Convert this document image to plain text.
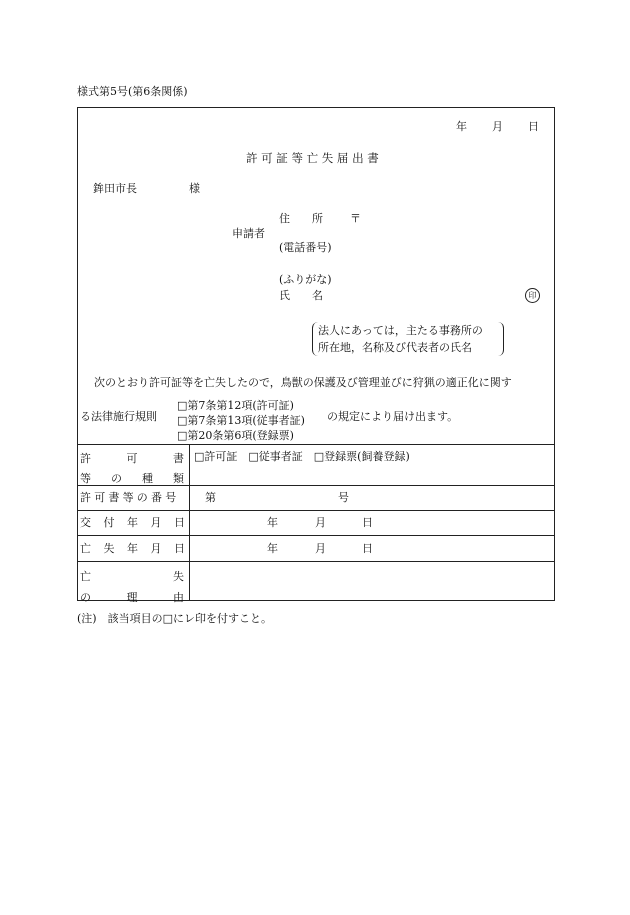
様式第5号(第6条関係)
年 月 日
許 可 証 等 亡 失 届 出 書
鉾田市長	様
申請者
住　　所 〒
(電話番号)
(ふりがな)
氏　　名	印
法人にあっては，主たる事務所の
所在地，名称及び代表者の氏名
次のとおり許可証等を亡失したので，鳥獣の保護及び管理並びに狩猟の適正化に関す
る法律施行規則
□第7条第12項(許可証)
□第7条第13項(従事者証)
□第20条第6項(登録票)
の規定により届け出ます。
許	可	書
等 の 種 類
□許可証　□従事者証　□登録票(飼養登録)
許可書等の番号 第	号
交付年月日	年	月	日
亡失年月日	年	月	日
亡	失
の	理	由
(注)　該当項目の□にレ印を付すこと。
